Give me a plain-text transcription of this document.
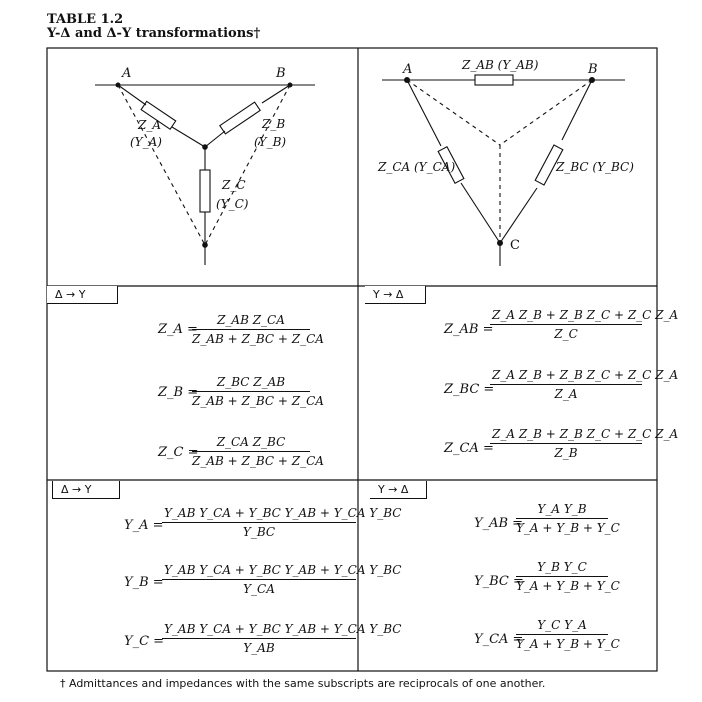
TABLE 1.2
Y-Δ and Δ-Y transformations†
A	B
Z_A
(Y_A)
Z_B
(Y_B)
Z_C
(Y_C)
A	B
C
Z_AB (Y_AB)
Z_CA (Y_CA)	Z_BC (Y_BC)
Δ → Y	Y → Δ
Δ → Y	Y → Δ
Z_A =
$\frac{\text{Z\_AB Z\_CA}}{Z\_AB + Z\_BC + Z\_CA}$
Z_B =
$\frac{\text{Z\_BC Z\_AB}}{Z\_AB + Z\_BC + Z\_CA}$
Z_C =
$\frac{\text{Z\_CA Z\_BC}}{Z\_AB + Z\_BC + Z\_CA}$
Z_AB =
$\frac{\text{Z\_A Z\_B + Z\_B Z\_C + Z\_C Z\_A}}{Z\_C}$
Z_BC =
$\frac{\text{Z\_A Z\_B + Z\_B Z\_C + Z\_C Z\_A}}{Z\_A}$
Z_CA =
$\frac{\text{Z\_A Z\_B + Z\_B Z\_C + Z\_C Z\_A}}{Z\_B}$
Y_A =
$\frac{\text{Y\_AB Y\_CA + Y\_BC Y\_AB + Y\_CA Y\_BC}}{Y\_BC}$
Y_B =
$\frac{\text{Y\_AB Y\_CA + Y\_BC Y\_AB + Y\_CA Y\_BC}}{Y\_CA}$
Y_C =
$\frac{\text{Y\_AB Y\_CA + Y\_BC Y\_AB + Y\_CA Y\_BC}}{Y\_AB}$
Y_AB =
$\frac{\text{Y\_A Y\_B}}{Y\_A + Y\_B + Y\_C}$
Y_BC =
$\frac{\text{Y\_B Y\_C}}{Y\_A + Y\_B + Y\_C}$
Y_CA =
$\frac{\text{Y\_C Y\_A}}{Y\_A + Y\_B + Y\_C}$
† Admittances and impedances with the same subscripts are reciprocals of one another.
